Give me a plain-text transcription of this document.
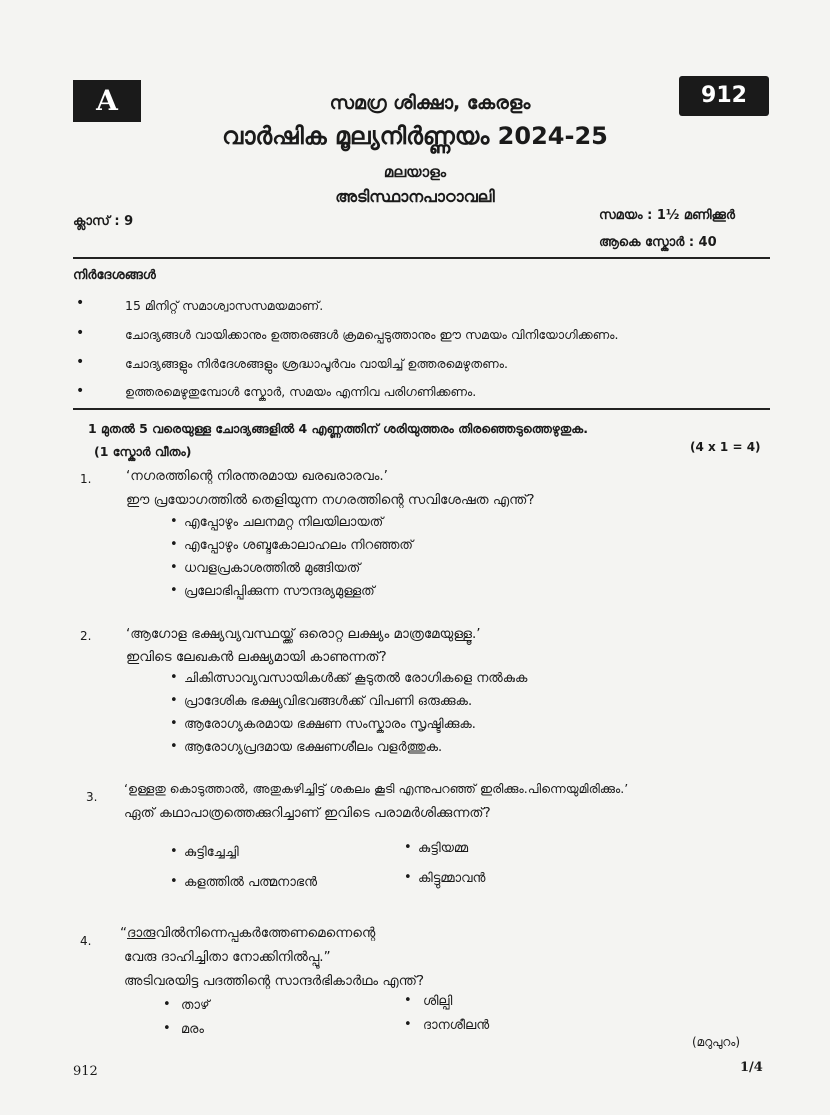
A	912
സമഗ്ര ശിക്ഷാ, കേരളം
വാർഷിക മൂല്യനിർണ്ണയം 2024-25
മലയാളം
അടിസ്ഥാനപാഠാവലി
ക്ലാസ് : 9	സമയം : 1½ മണിക്കൂർ
ആകെ സ്കോർ : 40
നിർദേശങ്ങൾ
•	15 മിനിറ്റ് സമാശ്വാസസമയമാണ്.
•	ചോദ്യങ്ങൾ വായിക്കാനും ഉത്തരങ്ങൾ ക്രമപ്പെടുത്താനും ഈ സമയം വിനിയോഗിക്കണം.
•	ചോദ്യങ്ങളും നിർദേശങ്ങളും ശ്രദ്ധാപൂർവം വായിച്ച് ഉത്തരമെഴുതണം.
•	ഉത്തരമെഴുതുമ്പോൾ സ്കോർ, സമയം എന്നിവ പരിഗണിക്കണം.
1 മുതൽ 5 വരെയുള്ള ചോദ്യങ്ങളിൽ 4 എണ്ണത്തിന് ശരിയുത്തരം തിരഞ്ഞെടുത്തെഴുതുക.
(1 സ്കോർ വീതം)	(4 x 1 = 4)
1.	‘നഗരത്തിന്റെ നിരന്തരമായ ഖരഖരാരവം.’
ഈ പ്രയോഗത്തിൽ തെളിയുന്ന നഗരത്തിന്റെ സവിശേഷത എന്ത്?
• എപ്പോഴും ചലനമറ്റ നിലയിലായത്
• എപ്പോഴും ശബ്ദകോലാഹലം നിറഞ്ഞത്
• ധവളപ്രകാശത്തിൽ മുങ്ങിയത്
• പ്രലോഭിപ്പിക്കുന്ന സൗന്ദര്യമുള്ളത്
2.	‘ആഗോള ഭക്ഷ്യവ്യവസ്ഥയ്ക്ക് ഒരൊറ്റ ലക്ഷ്യം മാത്രമേയുള്ളൂ.’
ഇവിടെ ലേഖകൻ ലക്ഷ്യമായി കാണുന്നത്?
• ചികിത്സാവ്യവസായികൾക്ക് കൂടുതൽ രോഗികളെ നൽകുക
• പ്രാദേശിക ഭക്ഷ്യവിഭവങ്ങൾക്ക് വിപണി ഒരുക്കുക.
• ആരോഗ്യകരമായ ഭക്ഷണ സംസ്കാരം സൃഷ്ടിക്കുക.
• ആരോഗ്യപ്രദമായ ഭക്ഷണശീലം വളർത്തുക.
3.
‘ഉള്ളതു കൊടുത്താൽ, അതുകഴിച്ചിട്ട് ശകലം കൂടി എന്നുപറഞ്ഞ് ഇരിക്കും.പിന്നെയുമിരിക്കും.’
ഏത് കഥാപാത്രത്തെക്കുറിച്ചാണ് ഇവിടെ പരാമർശിക്കുന്നത്?
• കുട്ടിച്ചേച്ചി	• കുട്ടിയമ്മ
• കളത്തിൽ പത്മനാഭൻ	• കിട്ടുമ്മാവൻ
4. “ദാരുവിൽനിന്നെപ്പകർത്തേണമെന്നെന്റെ
വേരു ദാഹിച്ചിതാ നോക്കിനിൽപ്പൂ.”
അടിവരയിട്ട പദത്തിന്റെ സാന്ദർഭികാർഥം എന്ത്?
• താഴ്	• ശില്പി
• മരം	• ദാനശീലൻ
(മറുപുറം)
912	1/4
